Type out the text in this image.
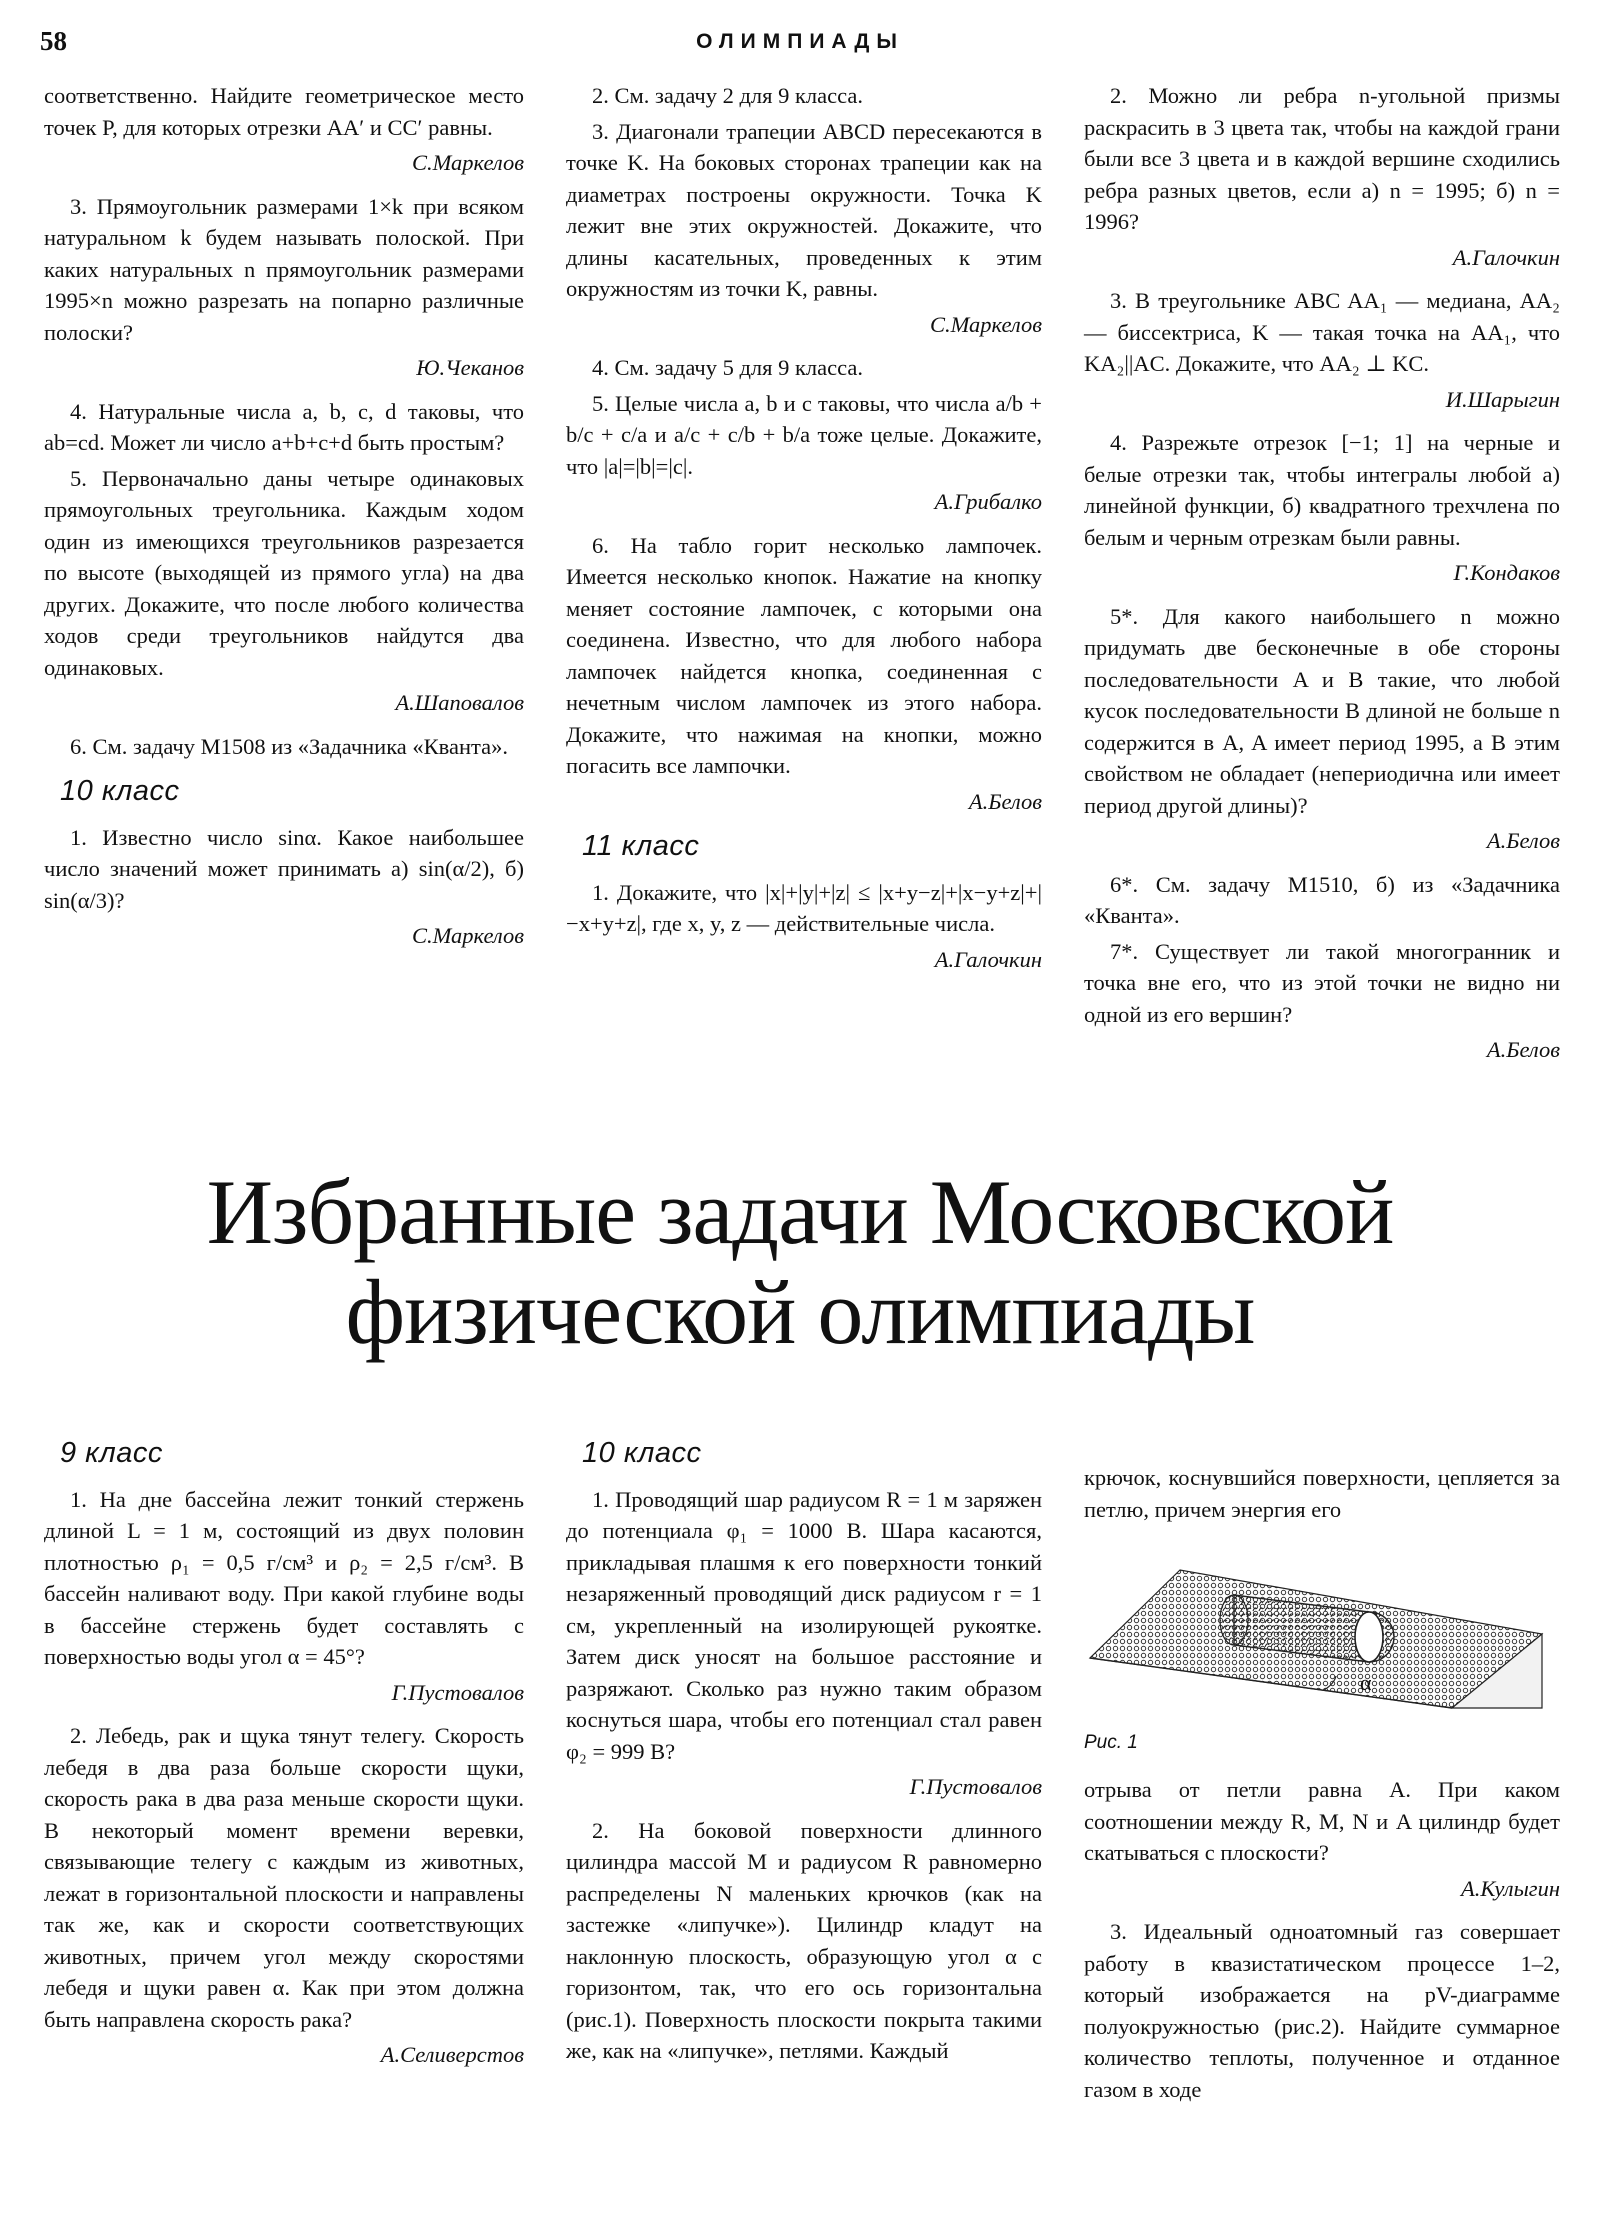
58	ОЛИМПИАДЫ

соответственно. Найдите геометрическое место точек P, для которых отрезки AA′ и CC′ равны.

С.Маркелов

3. Прямоугольник размерами 1×k при всяком натуральном k будем называть полоской. При каких натуральных n прямоугольник размерами 1995×n можно разрезать на попарно различные полоски?

Ю.Чеканов

4. Натуральные числа a, b, c, d таковы, что ab=cd. Может ли число a+b+c+d быть простым?

5. Первоначально даны четыре одинаковых прямоугольных треугольника. Каждым ходом один из имеющихся треугольников разрезается по высоте (выходящей из прямого угла) на два других. Докажите, что после любого количества ходов среди треугольников найдутся два одинаковых.

А.Шаповалов

6. См. задачу М1508 из «Задачника «Кванта».

10 класс

1. Известно число sinα. Какое наибольшее число значений может принимать а) sin(α/2), б) sin(α/3)?

С.Маркелов

2. См. задачу 2 для 9 класса.

3. Диагонали трапеции ABCD пересекаются в точке K. На боковых сторонах трапеции как на диаметрах построены окружности. Точка K лежит вне этих окружностей. Докажите, что длины касательных, проведенных к этим окружностям из точки K, равны.

С.Маркелов

4. См. задачу 5 для 9 класса.

5. Целые числа a, b и c таковы, что числа a/b + b/c + c/a и a/c + c/b + b/a тоже целые. Докажите, что |a|=|b|=|c|.

А.Грибалко

6. На табло горит несколько лампочек. Имеется несколько кнопок. Нажатие на кнопку меняет состояние лампочек, с которыми она соединена. Известно, что для любого набора лампочек найдется кнопка, соединенная с нечетным числом лампочек из этого набора. Докажите, что нажимая на кнопки, можно погасить все лампочки.

А.Белов

11 класс

1. Докажите, что |x|+|y|+|z| ≤ |x+y−z|+|x−y+z|+|−x+y+z|, где x, y, z — действительные числа.

А.Галочкин

2. Можно ли ребра n-угольной призмы раскрасить в 3 цвета так, чтобы на каждой грани были все 3 цвета и в каждой вершине сходились ребра разных цветов, если а) n = 1995; б) n = 1996?

А.Галочкин

3. В треугольнике ABC AA₁ — медиана, AA₂ — биссектриса, K — такая точка на AA₁, что KA₂||AC. Докажите, что AA₂ ⊥ KC.

И.Шарыгин

4. Разрежьте отрезок [−1; 1] на черные и белые отрезки так, чтобы интегралы любой а) линейной функции, б) квадратного трехчлена по белым и черным отрезкам были равны.

Г.Кондаков

5*. Для какого наибольшего n можно придумать две бесконечные в обе стороны последовательности A и B такие, что любой кусок последовательности B длиной не больше n содержится в A, A имеет период 1995, а B этим свойством не обладает (непериодична или имеет период другой длины)?

А.Белов

6*. См. задачу М1510, б) из «Задачника «Кванта».

7*. Существует ли такой многогранник и точка вне его, что из этой точки не видно ни одной из его вершин?

А.Белов

Избранные задачи Московской
физической олимпиады
9 класс

1. На дне бассейна лежит тонкий стержень длиной L = 1 м, состоящий из двух половин плотностью ρ₁ = 0,5 г/см³ и ρ₂ = 2,5 г/см³. В бассейн наливают воду. При какой глубине воды в бассейне стержень будет составлять с поверхностью воды угол α = 45°?

Г.Пустовалов

2. Лебедь, рак и щука тянут телегу. Скорость лебедя в два раза больше скорости щуки, скорость рака в два раза меньше скорости щуки. В некоторый момент времени веревки, связывающие телегу с каждым из животных, лежат в горизонтальной плоскости и направлены так же, как и скорости соответствующих животных, причем угол между скоростями лебедя и щуки равен α. Как при этом должна быть направлена скорость рака?

А.Селиверстов

10 класс

1. Проводящий шар радиусом R = 1 м заряжен до потенциала φ₁ = 1000 В. Шара касаются, прикладывая плашмя к его поверхности тонкий незаряженный проводящий диск радиусом r = 1 см, укрепленный на изолирующей рукоятке. Затем диск уносят на большое расстояние и разряжают. Сколько раз нужно таким образом коснуться шара, чтобы его потенциал стал равен φ₂ = 999 В?

Г.Пустовалов

2. На боковой поверхности длинного цилиндра массой M и радиусом R равномерно распределены N маленьких крючков (как на застежке «липучке»). Цилиндр кладут на наклонную плоскость, образующую угол α с горизонтом, так, что его ось горизонтальна (рис.1). Поверхность плоскости покрыта такими же, как на «липучке», петлями. Каждый

крючок, коснувшийся поверхности, цепляется за петлю, причем энергия его

α
Рис. 1

отрыва от петли равна A. При каком соотношении между R, M, N и A цилиндр будет скатываться с плоскости?

А.Кулыгин

3. Идеальный одноатомный газ совершает работу в квазистатическом процессе 1–2, который изображается на pV-диаграмме полуокружностью (рис.2). Найдите суммарное количество теплоты, полученное и отданное газом в ходе
